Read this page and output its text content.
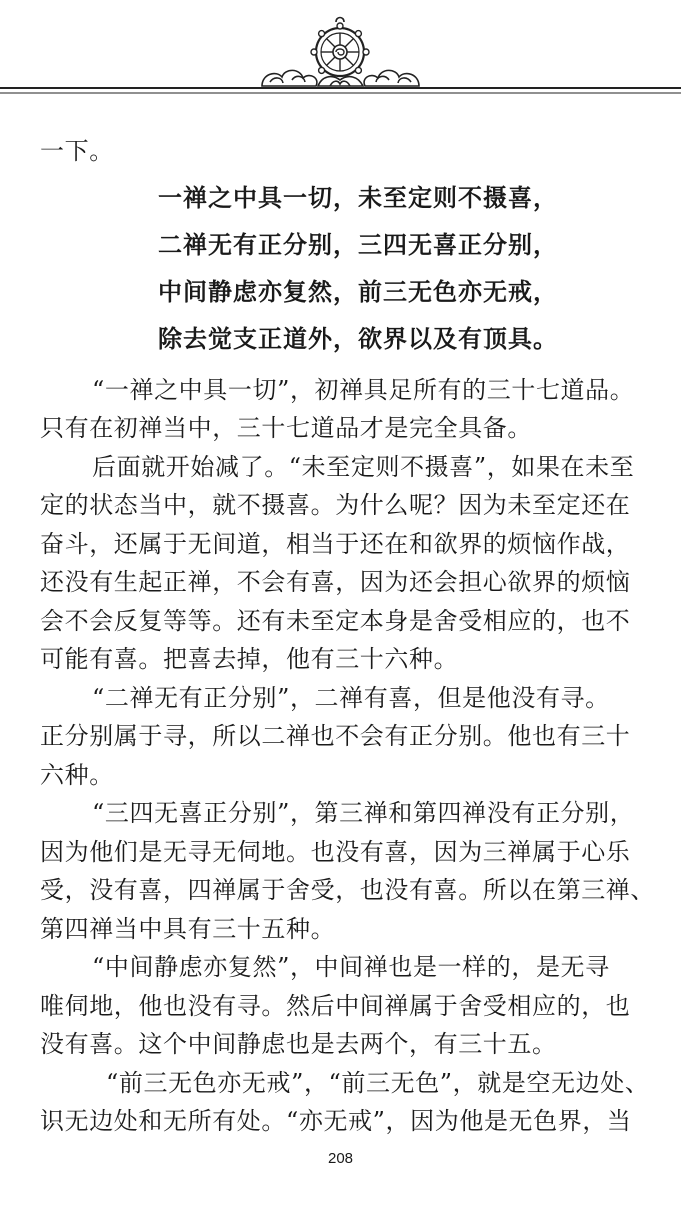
一下。
一禅之中具一切，未至定则不摄喜，
二禅无有正分别，三四无喜正分别，
中间静虑亦复然，前三无色亦无戒，
除去觉支正道外，欲界以及有顶具。
“一禅之中具一切”，初禅具足所有的三十七道品。
只有在初禅当中，三十七道品才是完全具备。
后面就开始减了。“未至定则不摄喜”，如果在未至
定的状态当中，就不摄喜。为什么呢？因为未至定还在
奋斗，还属于无间道，相当于还在和欲界的烦恼作战，
还没有生起正禅，不会有喜，因为还会担心欲界的烦恼
会不会反复等等。还有未至定本身是舍受相应的，也不
可能有喜。把喜去掉，他有三十六种。
“二禅无有正分别”，二禅有喜，但是他没有寻。
正分别属于寻，所以二禅也不会有正分别。他也有三十
六种。
“三四无喜正分别”，第三禅和第四禅没有正分别，
因为他们是无寻无伺地。也没有喜，因为三禅属于心乐
受，没有喜，四禅属于舍受，也没有喜。所以在第三禅、
第四禅当中具有三十五种。
“中间静虑亦复然”，中间禅也是一样的，是无寻
唯伺地，他也没有寻。然后中间禅属于舍受相应的，也
没有喜。这个中间静虑也是去两个，有三十五。
“前三无色亦无戒”，“前三无色”，就是空无边处、
识无边处和无所有处。“亦无戒”，因为他是无色界，当
208
